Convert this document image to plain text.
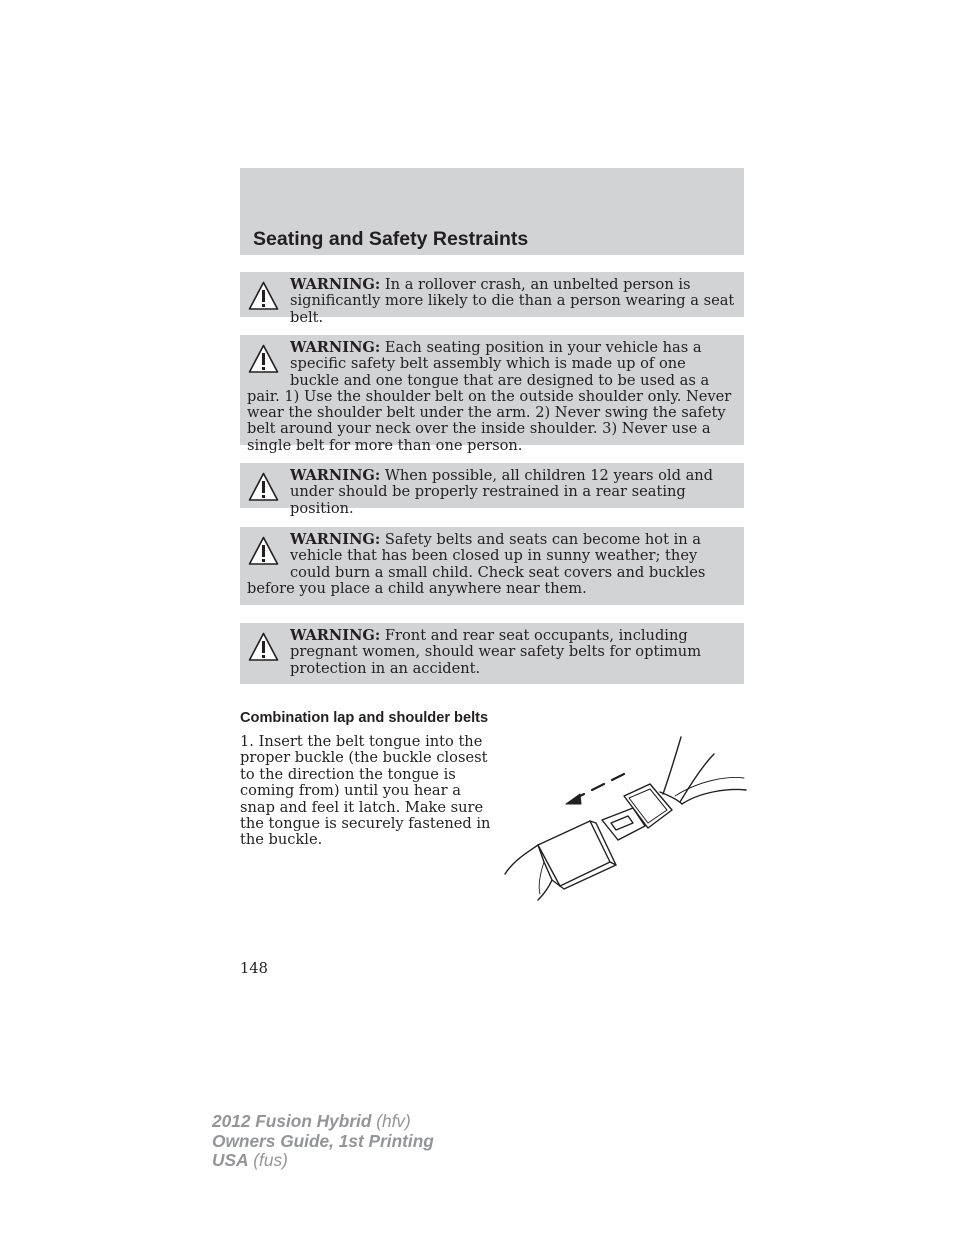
Seating and Safety Restraints
WARNING: In a rollover crash, an unbelted person is significantly more likely to die than a person wearing a seat belt.
WARNING: Each seating position in your vehicle has a specific safety belt assembly which is made up of one buckle and one tongue that are designed to be used as a pair. 1) Use the shoulder belt on the outside shoulder only. Never wear the shoulder belt under the arm. 2) Never swing the safety belt around your neck over the inside shoulder. 3) Never use a single belt for more than one person.
WARNING: When possible, all children 12 years old and under should be properly restrained in a rear seating position.
WARNING: Safety belts and seats can become hot in a vehicle that has been closed up in sunny weather; they could burn a small child. Check seat covers and buckles before you place a child anywhere near them.
WARNING: Front and rear seat occupants, including pregnant women, should wear safety belts for optimum protection in an accident.
Combination lap and shoulder belts
1. Insert the belt tongue into the proper buckle (the buckle closest to the direction the tongue is coming from) until you hear a snap and feel it latch. Make sure the tongue is securely fastened in the buckle.
148
2012 Fusion Hybrid (hfv)
Owners Guide, 1st Printing
USA (fus)
